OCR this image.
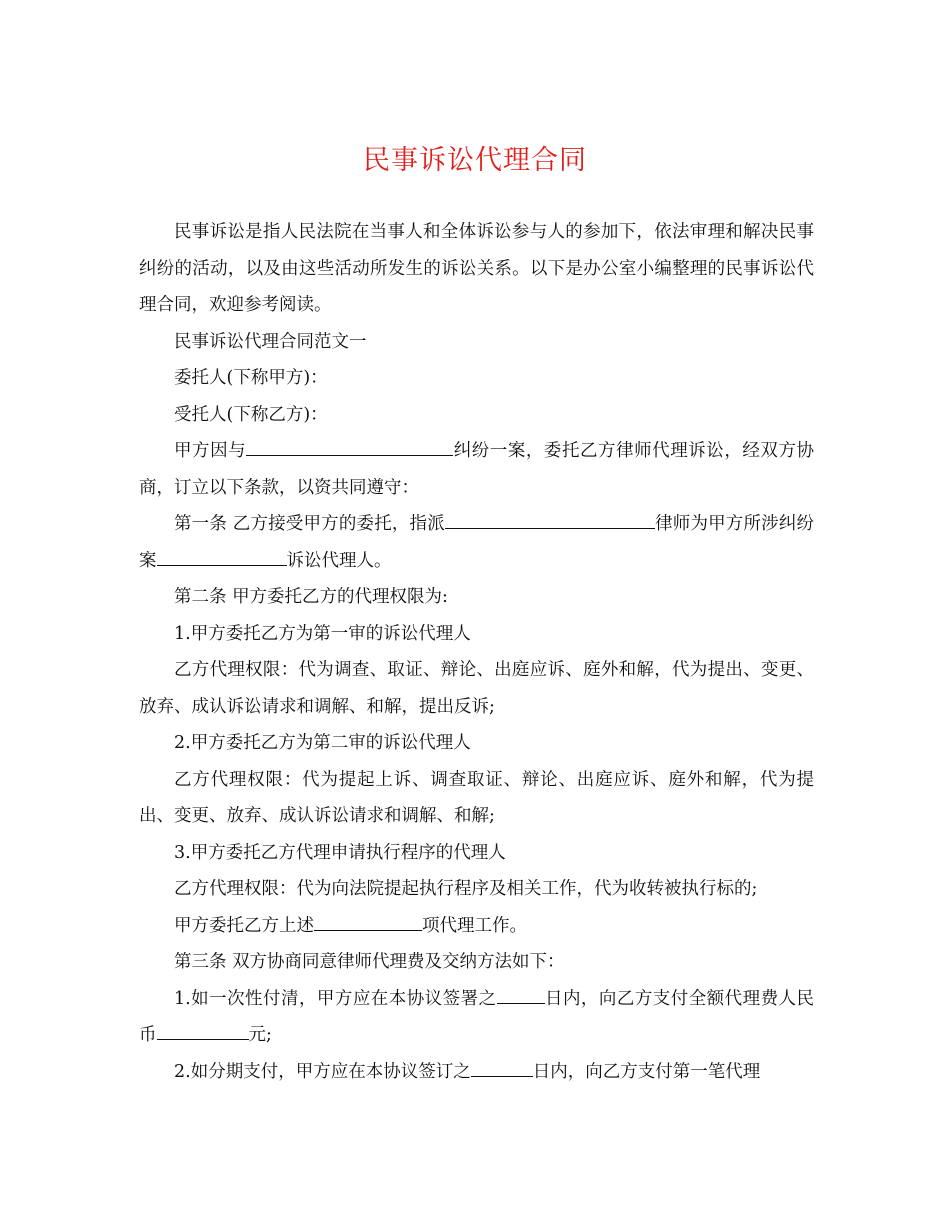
民事诉讼代理合同

民事诉讼是指人民法院在当事人和全体诉讼参与人的参加下，依法审理和解决民事纠纷的活动，以及由这些活动所发生的诉讼关系。以下是办公室小编整理的民事诉讼代理合同，欢迎参考阅读。

民事诉讼代理合同范文一

委托人(下称甲方)：

受托人(下称乙方)：

甲方因与	纠纷一案，委托乙方律师代理诉讼，经双方协商，订立以下条款，以资共同遵守：

第一条 乙方接受甲方的委托，指派	律师为甲方所涉纠纷案	诉讼代理人。

第二条 甲方委托乙方的代理权限为:

1.甲方委托乙方为第一审的诉讼代理人

乙方代理权限：代为调查、取证、辩论、出庭应诉、庭外和解，代为提出、变更、放弃、成认诉讼请求和调解、和解，提出反诉;

2.甲方委托乙方为第二审的诉讼代理人

乙方代理权限：代为提起上诉、调查取证、辩论、出庭应诉、庭外和解，代为提出、变更、放弃、成认诉讼请求和调解、和解;

3.甲方委托乙方代理申请执行程序的代理人

乙方代理权限：代为向法院提起执行程序及相关工作，代为收转被执行标的;

甲方委托乙方上述	项代理工作。

第三条 双方协商同意律师代理费及交纳方法如下：

1.如一次性付清，甲方应在本协议签署之	日内，向乙方支付全额代理费人民币	元;

2.如分期支付，甲方应在本协议签订之	日内，向乙方支付第一笔代理
